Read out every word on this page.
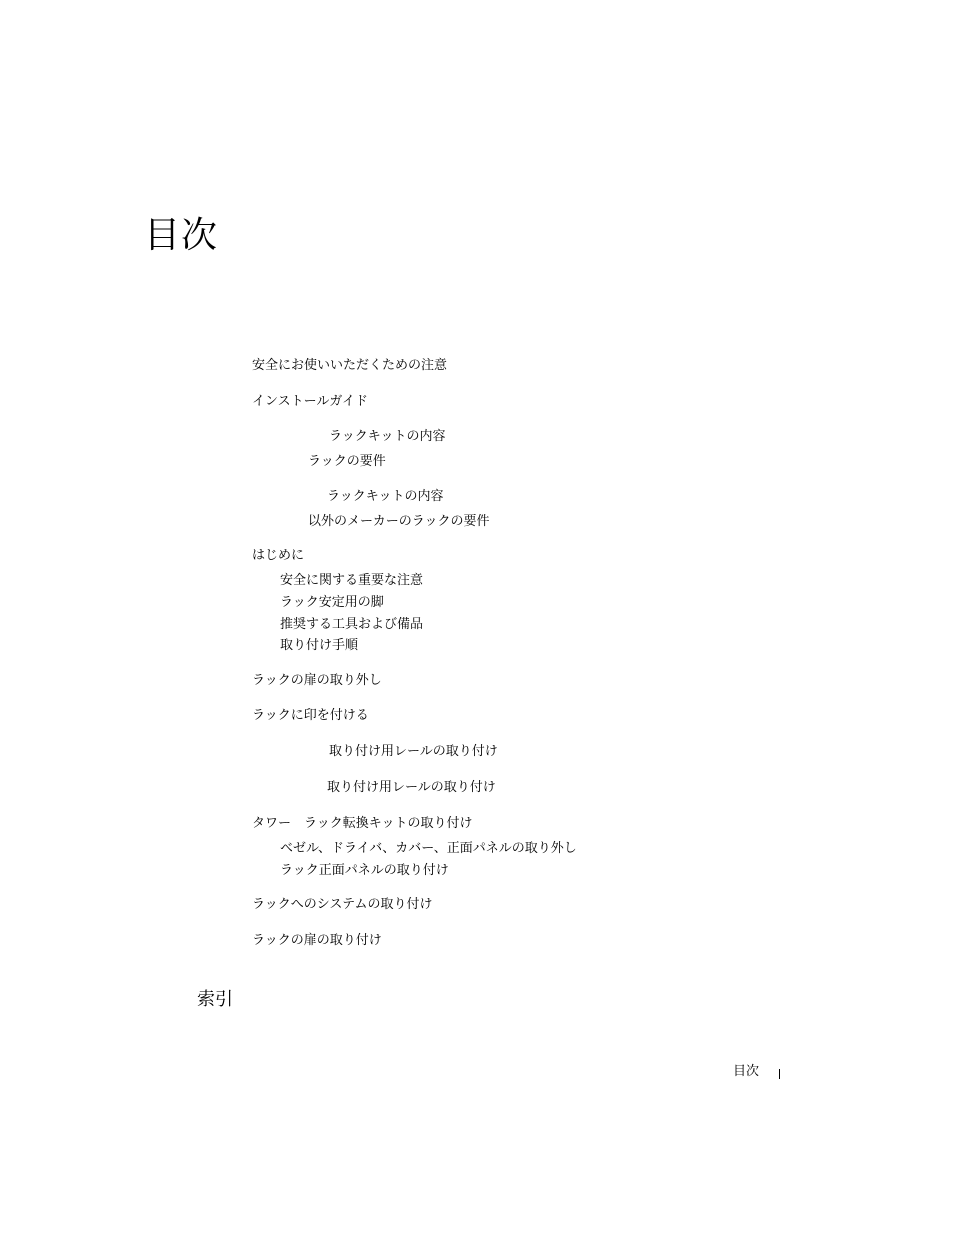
目次
安全にお使いいただくための注意
インストールガイド
ラックキットの内容
ラックの要件
ラックキットの内容
以外のメーカーのラックの要件
はじめに
安全に関する重要な注意
ラック安定用の脚
推奨する工具および備品
取り付け手順
ラックの扉の取り外し
ラックに印を付ける
取り付け用レールの取り付け
取り付け用レールの取り付け
タワー　ラック転換キットの取り付け
ベゼル、ドライバ、カバー、正面パネルの取り外し
ラック正面パネルの取り付け
ラックへのシステムの取り付け
ラックの扉の取り付け
索引
目次
